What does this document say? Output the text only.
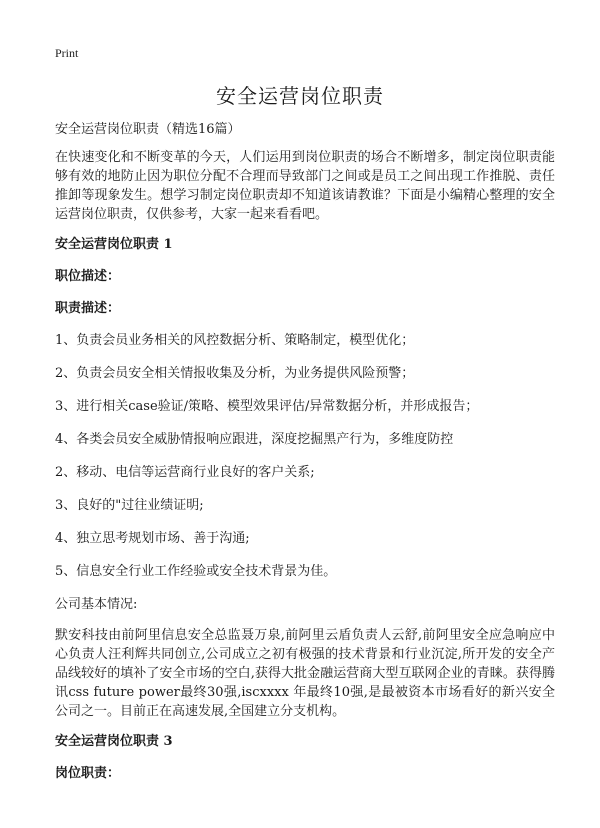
Print
安全运营岗位职责

安全运营岗位职责（精选16篇）

在快速变化和不断变革的今天，人们运用到岗位职责的场合不断增多，制定岗位职责能够有效的地防止因为职位分配不合理而导致部门之间或是员工之间出现工作推脱、责任推卸等现象发生。想学习制定岗位职责却不知道该请教谁？下面是小编精心整理的安全运营岗位职责，仅供参考，大家一起来看看吧。

安全运营岗位职责 1

职位描述：

职责描述：

1、负责会员业务相关的风控数据分析、策略制定，模型优化；

2、负责会员安全相关情报收集及分析，为业务提供风险预警；

3、进行相关case验证/策略、模型效果评估/异常数据分析，并形成报告；

4、各类会员安全威胁情报响应跟进，深度挖掘黑产行为，多维度防控

2、移动、电信等运营商行业良好的客户关系;

3、良好的"过往业绩证明;

4、独立思考规划市场、善于沟通;

5、信息安全行业工作经验或安全技术背景为佳。

公司基本情况:

默安科技由前阿里信息安全总监聂万泉,前阿里云盾负责人云舒,前阿里安全应急响应中心负责人汪利辉共同创立,公司成立之初有极强的技术背景和行业沉淀,所开发的安全产品线较好的填补了安全市场的空白,获得大批金融运营商大型互联网企业的青睐。获得腾讯css future power最终30强,iscxxxx 年最终10强,是最被资本市场看好的新兴安全公司之一。目前正在高速发展,全国建立分支机构。

安全运营岗位职责 3

岗位职责：
